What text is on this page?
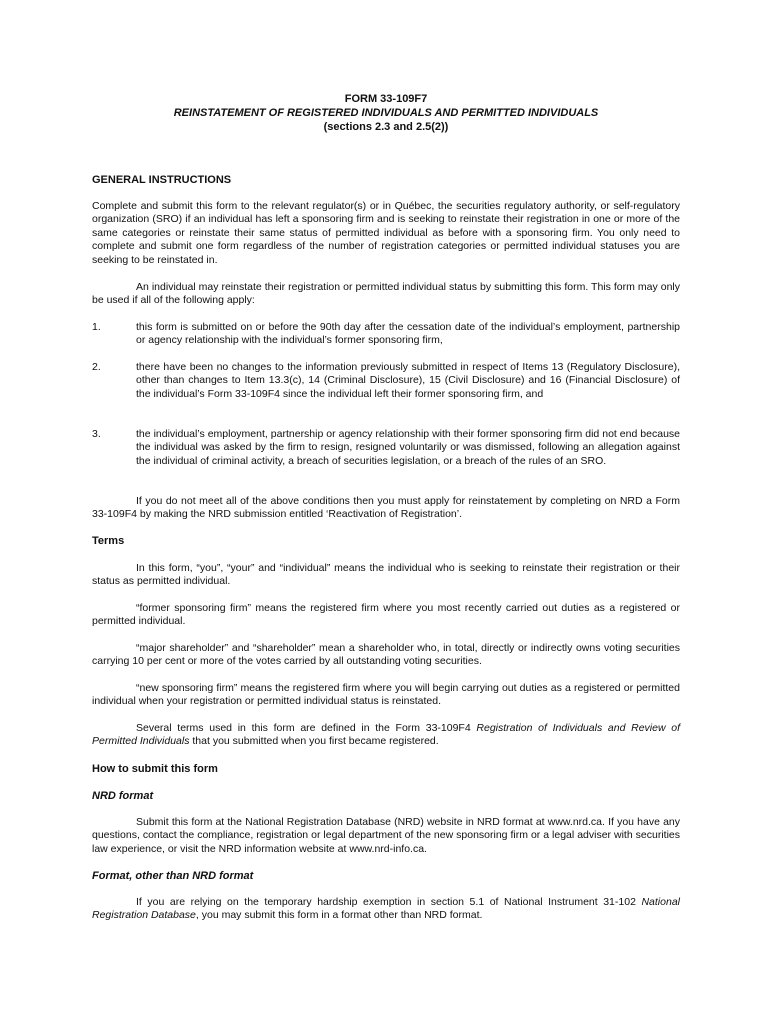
FORM 33-109F7
REINSTATEMENT OF REGISTERED INDIVIDUALS AND PERMITTED INDIVIDUALS
(sections 2.3 and 2.5(2))
GENERAL INSTRUCTIONS
Complete and submit this form to the relevant regulator(s) or in Québec, the securities regulatory authority, or self-regulatory organization (SRO) if an individual has left a sponsoring firm and is seeking to reinstate their registration in one or more of the same categories or reinstate their same status of permitted individual as before with a sponsoring firm. You only need to complete and submit one form regardless of the number of registration categories or permitted individual statuses you are seeking to be reinstated in.
An individual may reinstate their registration or permitted individual status by submitting this form. This form may only be used if all of the following apply:
1.	this form is submitted on or before the 90th day after the cessation date of the individual’s employment, partnership or agency relationship with the individual’s former sponsoring firm,
2.	there have been no changes to the information previously submitted in respect of Items 13 (Regulatory Disclosure), other than changes to Item 13.3(c), 14 (Criminal Disclosure), 15 (Civil Disclosure) and 16 (Financial Disclosure) of the individual’s Form 33-109F4 since the individual left their former sponsoring firm, and
3.	the individual’s employment, partnership or agency relationship with their former sponsoring firm did not end because the individual was asked by the firm to resign, resigned voluntarily or was dismissed, following an allegation against the individual of criminal activity, a breach of securities legislation, or a breach of the rules of an SRO.
If you do not meet all of the above conditions then you must apply for reinstatement by completing on NRD a Form 33-109F4 by making the NRD submission entitled ‘Reactivation of Registration’.
Terms
In this form, “you”, “your” and “individual” means the individual who is seeking to reinstate their registration or their status as permitted individual.
“former sponsoring firm” means the registered firm where you most recently carried out duties as a registered or permitted individual.
“major shareholder” and “shareholder” mean a shareholder who, in total, directly or indirectly owns voting securities carrying 10 per cent or more of the votes carried by all outstanding voting securities.
“new sponsoring firm” means the registered firm where you will begin carrying out duties as a registered or permitted individual when your registration or permitted individual status is reinstated.
Several terms used in this form are defined in the Form 33-109F4 Registration of Individuals and Review of Permitted Individuals that you submitted when you first became registered.
How to submit this form
NRD format
Submit this form at the National Registration Database (NRD) website in NRD format at www.nrd.ca. If you have any questions, contact the compliance, registration or legal department of the new sponsoring firm or a legal adviser with securities law experience, or visit the NRD information website at www.nrd-info.ca.
Format, other than NRD format
If you are relying on the temporary hardship exemption in section 5.1 of National Instrument 31-102 National Registration Database, you may submit this form in a format other than NRD format.
